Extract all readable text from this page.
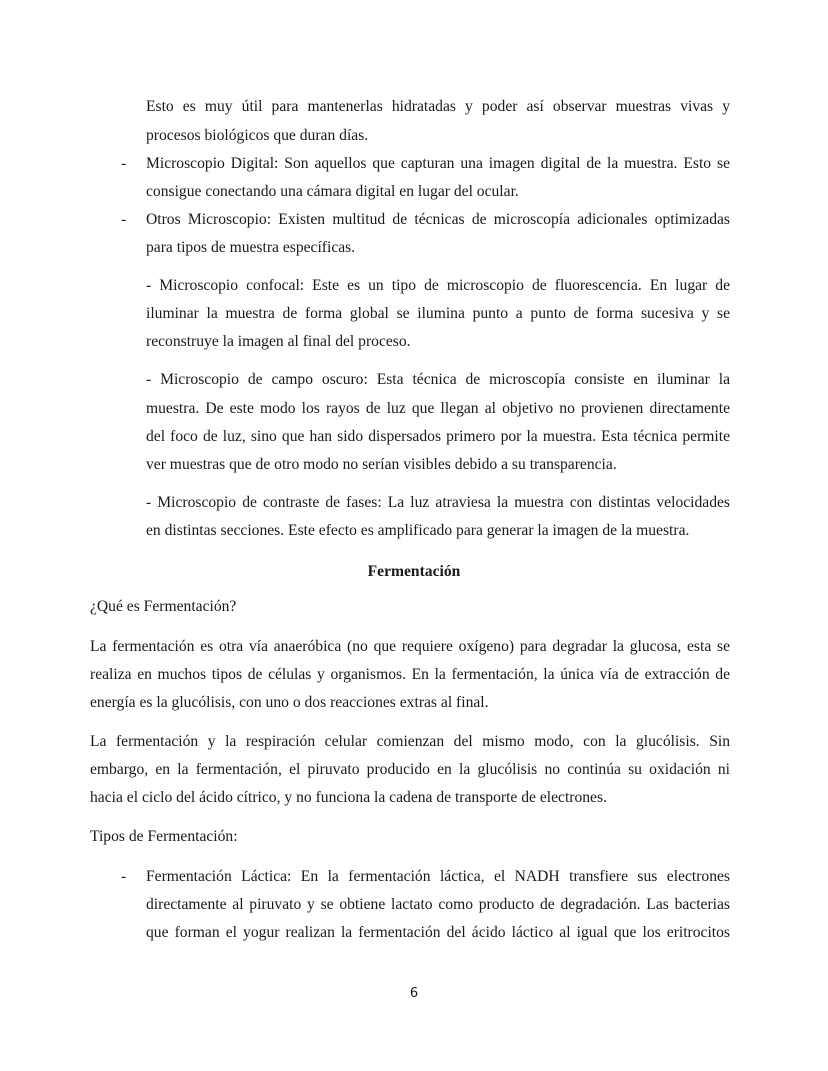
Esto es muy útil para mantenerlas hidratadas y poder así observar muestras vivas y
procesos biológicos que duran días.
- Microscopio Digital: Son aquellos que capturan una imagen digital de la muestra. Esto se
consigue conectando una cámara digital en lugar del ocular.
- Otros Microscopio: Existen multitud de técnicas de microscopía adicionales optimizadas
para tipos de muestra específicas.
- Microscopio confocal: Este es un tipo de microscopio de fluorescencia. En lugar de
iluminar la muestra de forma global se ilumina punto a punto de forma sucesiva y se
reconstruye la imagen al final del proceso.
- Microscopio de campo oscuro: Esta técnica de microscopía consiste en iluminar la
muestra. De este modo los rayos de luz que llegan al objetivo no provienen directamente
del foco de luz, sino que han sido dispersados primero por la muestra. Esta técnica permite
ver muestras que de otro modo no serían visibles debido a su transparencia.
- Microscopio de contraste de fases: La luz atraviesa la muestra con distintas velocidades
en distintas secciones. Este efecto es amplificado para generar la imagen de la muestra.
Fermentación
¿Qué es Fermentación?
La fermentación es otra vía anaeróbica (no que requiere oxígeno) para degradar la glucosa, esta se
realiza en muchos tipos de células y organismos. En la fermentación, la única vía de extracción de
energía es la glucólisis, con uno o dos reacciones extras al final.
La fermentación y la respiración celular comienzan del mismo modo, con la glucólisis. Sin
embargo, en la fermentación, el piruvato producido en la glucólisis no continúa su oxidación ni
hacia el ciclo del ácido cítrico, y no funciona la cadena de transporte de electrones.
Tipos de Fermentación:
- Fermentación Láctica: En la fermentación láctica, el NADH transfiere sus electrones
directamente al piruvato y se obtiene lactato como producto de degradación. Las bacterias
que forman el yogur realizan la fermentación del ácido láctico al igual que los eritrocitos
6
